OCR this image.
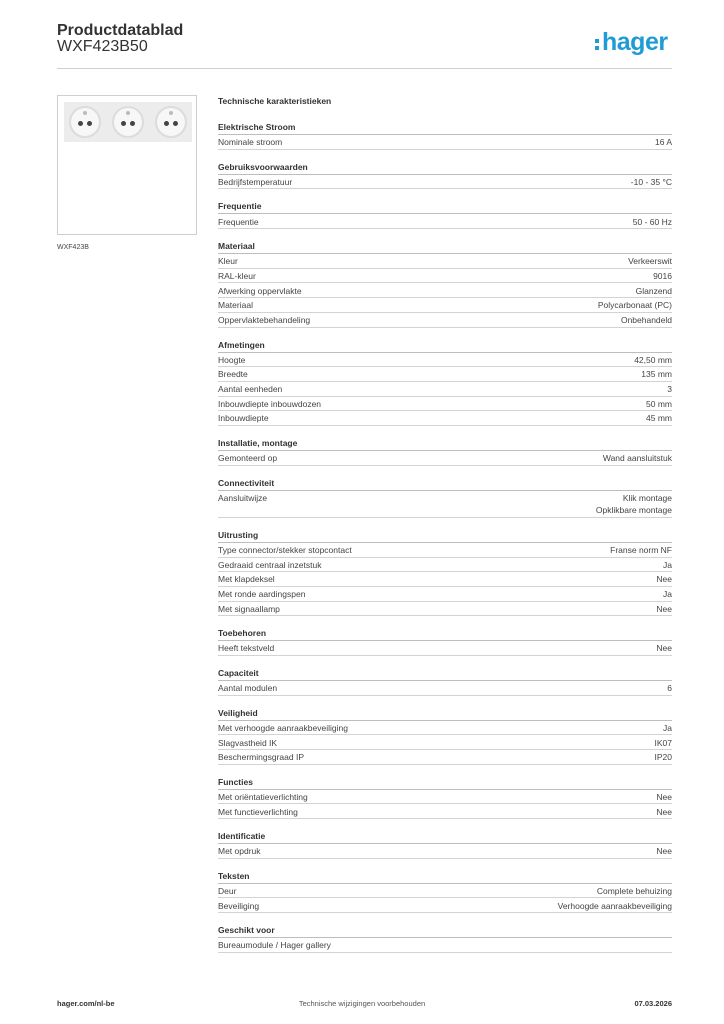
Productdatablad
WXF423B50	hager
WXF423B
Technische karakteristieken
Elektrische Stroom
Nominale stroom	16 A
Gebruiksvoorwaarden
Bedrijfstemperatuur	-10 - 35 °C
Frequentie
Frequentie	50 - 60 Hz
Materiaal
Kleur	Verkeerswit
RAL-kleur	9016
Afwerking oppervlakte	Glanzend
Materiaal	Polycarbonaat (PC)
Oppervlaktebehandeling	Onbehandeld
Afmetingen
Hoogte	42,50 mm
Breedte	135 mm
Aantal eenheden	3
Inbouwdiepte inbouwdozen	50 mm
Inbouwdiepte	45 mm
Installatie, montage
Gemonteerd op	Wand aansluitstuk
Connectiviteit
Aansluitwijze	Klik montage
Opklikbare montage
Uitrusting
Type connector/stekker stopcontact	Franse norm NF
Gedraaid centraal inzetstuk	Ja
Met klapdeksel	Nee
Met ronde aardingspen	Ja
Met signaallamp	Nee
Toebehoren
Heeft tekstveld	Nee
Capaciteit
Aantal modulen	6
Veiligheid
Met verhoogde aanraakbeveiliging	Ja
Slagvastheid IK	IK07
Beschermingsgraad IP	IP20
Functies
Met oriëntatieverlichting	Nee
Met functieverlichting	Nee
Identificatie
Met opdruk	Nee
Teksten
Deur	Complete behuizing
Beveiliging	Verhoogde aanraakbeveiliging
Geschikt voor
Bureaumodule / Hager gallery
hager.com/nl-be	Technische wijzigingen voorbehouden	07.03.2026
